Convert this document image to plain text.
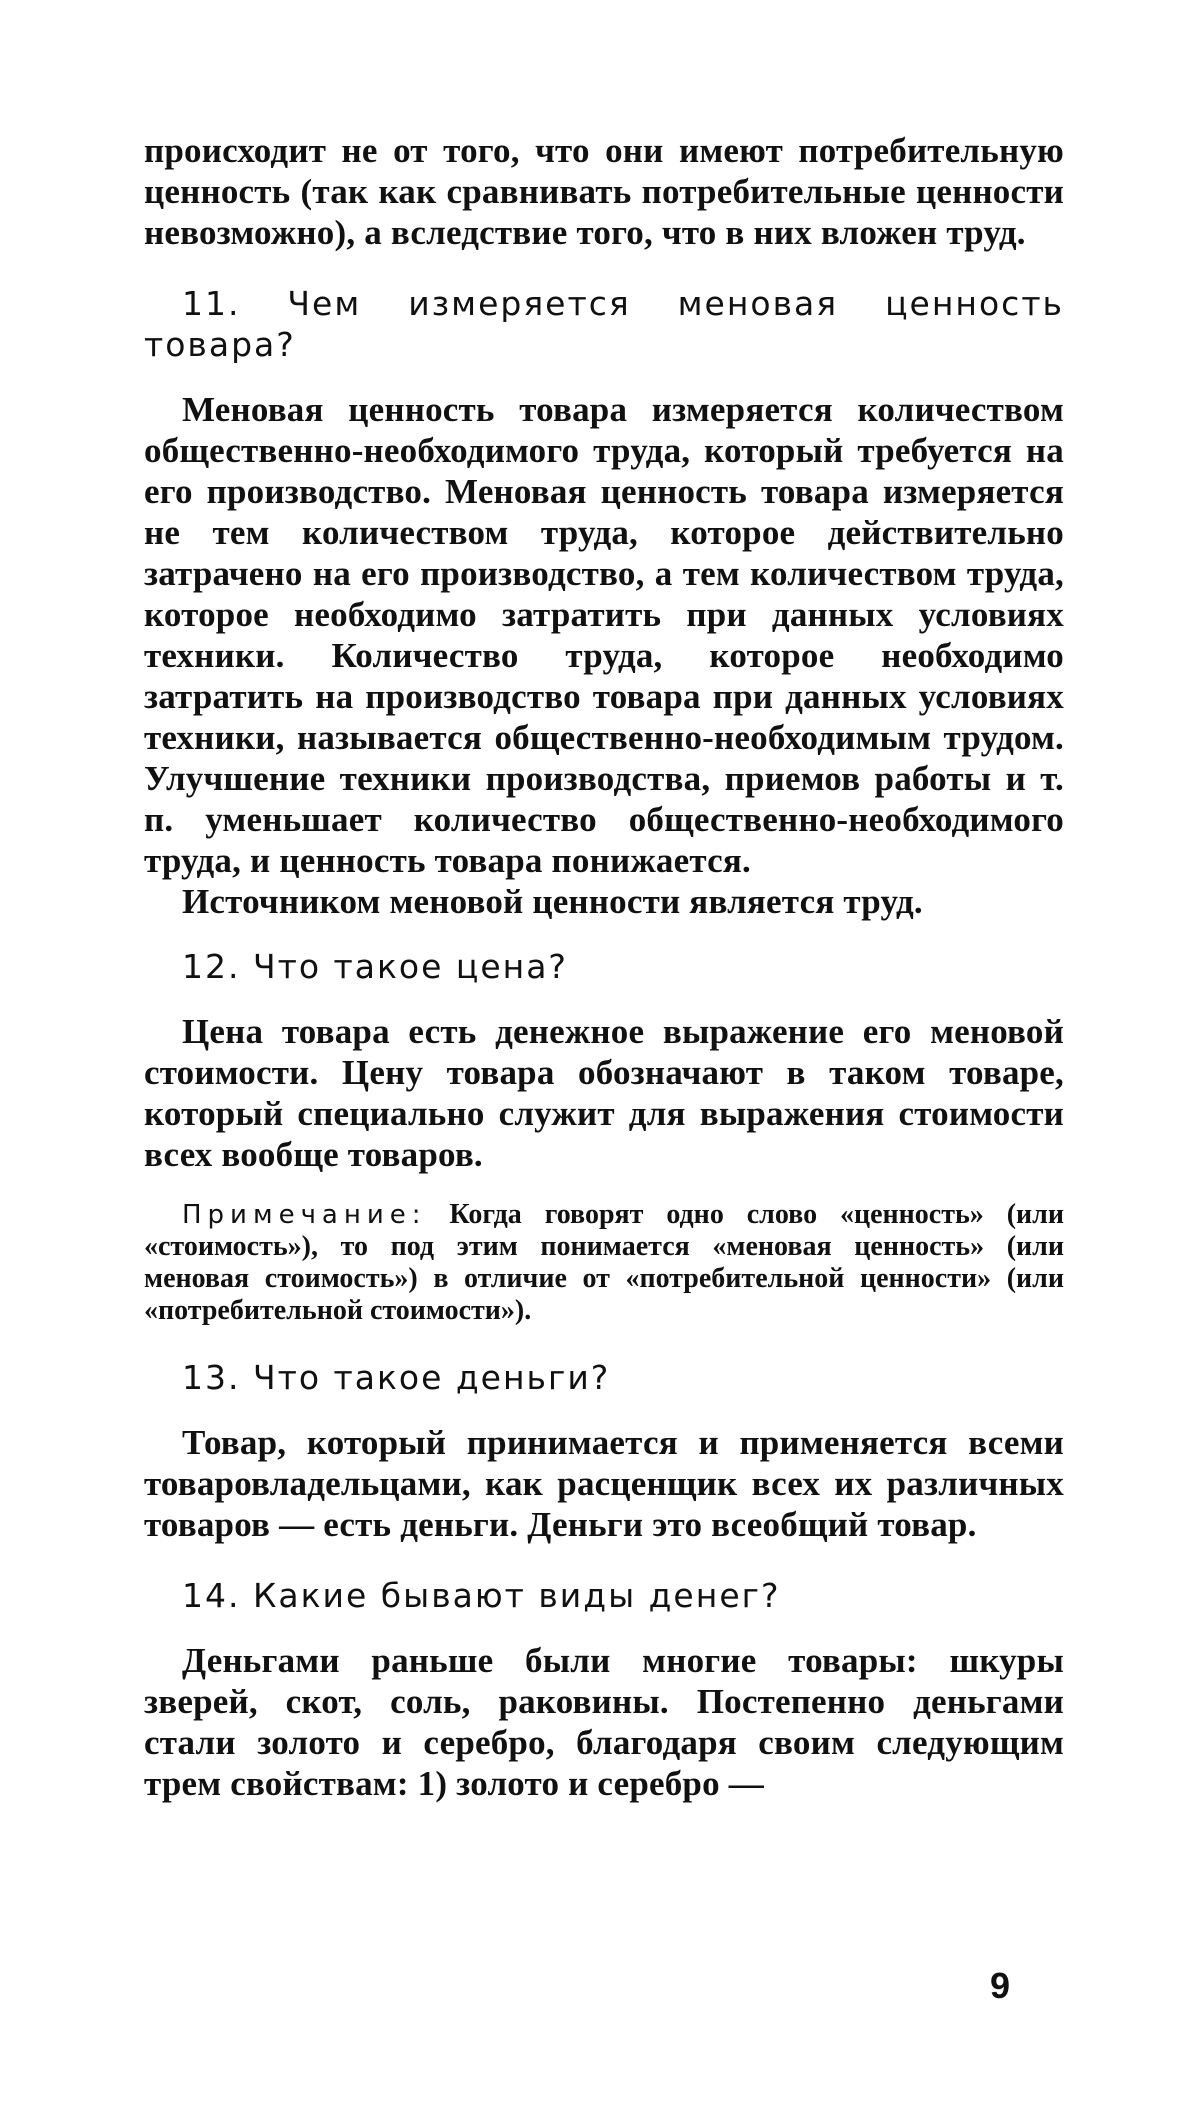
происходит не от того, что они имеют потребительную ценность (так как сравнивать потребительные ценности невозможно), а вследствие того, что в них вложен труд.

11. Чем измеряется меновая ценность товара?

Меновая ценность товара измеряется количеством общественно-необходимого труда, который требуется на его производство. Меновая ценность товара измеряется не тем количеством труда, которое действительно затрачено на его производство, а тем количеством труда, которое необходимо затратить при данных условиях техники. Количество труда, которое необходимо затратить на производство товара при данных условиях техники, называется общественно-необходимым трудом. Улучшение техники производства, приемов работы и т. п. уменьшает количество общественно-необходимого труда, и ценность товара понижается.

Источником меновой ценности является труд.

12. Что такое цена?

Цена товара есть денежное выражение его меновой стоимости. Цену товара обозначают в таком товаре, который специально служит для выражения стоимости всех вообще товаров.

Примечание: Когда говорят одно слово «ценность» (или «стоимость»), то под этим понимается «меновая ценность» (или меновая стоимость») в отличие от «потребительной ценности» (или «потребительной стоимости»).

13. Что такое деньги?

Товар, который принимается и применяется всеми товаровладельцами, как расценщик всех их различных товаров — есть деньги. Деньги это всеобщий товар.

14. Какие бывают виды денег?

Деньгами раньше были многие товары: шкуры зверей, скот, соль, раковины. Постепенно деньгами стали золото и серебро, благодаря своим следующим трем свойствам: 1) золото и серебро —

9
